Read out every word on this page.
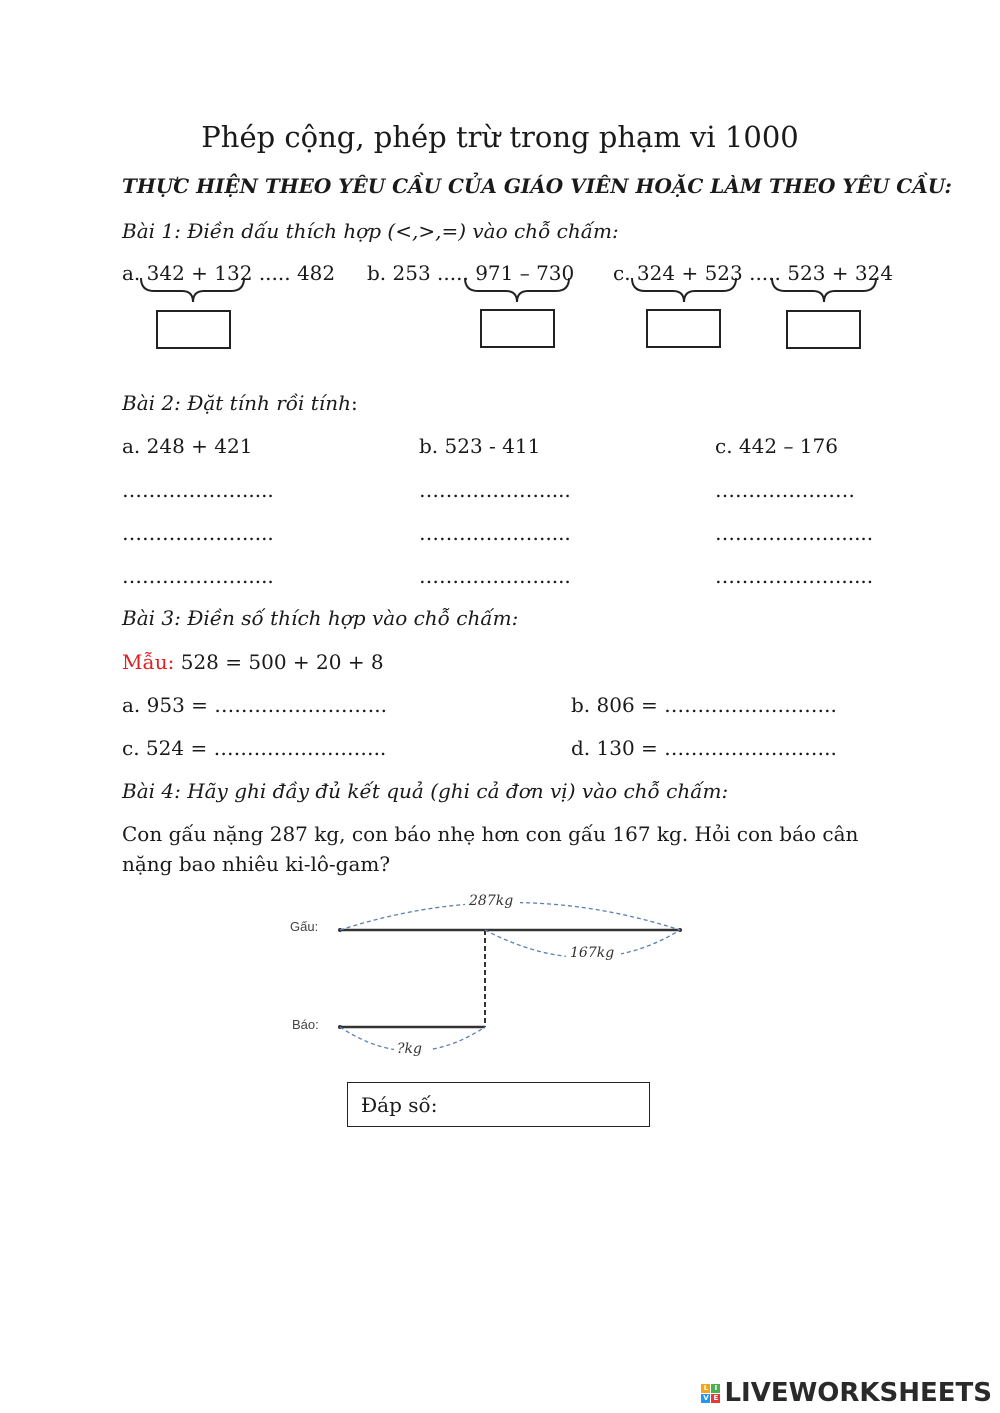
Phép cộng, phép trừ trong phạm vi 1000
THỰC HIỆN THEO YÊU CẦU CỦA GIÁO VIÊN HOẶC LÀM THEO YÊU CẦU:
Bài 1: Điền dấu thích hợp (<,>,=) vào chỗ chấm:
a. 342 + 132 ..... 482 b. 253 ..... 971 – 730 c. 324 + 523 ..... 523 + 324
Bài 2: Đặt tính rồi tính:
a. 248 + 421	b. 523 - 411	c. 442 – 176
……………….....	……………….....	…………………
……………….....	……………….....	………………......
……………….....	……………….....	………………......
Bài 3: Điền số thích hợp vào chỗ chấm:
Mẫu: 528 = 500 + 20 + 8
a. 953 = ……………………..	b. 806 = ……………………..
c. 524 = ……………………..	d. 130 = ……………………..
Bài 4: Hãy ghi đầy đủ kết quả (ghi cả đơn vị) vào chỗ chấm:
Con gấu nặng 287 kg, con báo nhẹ hơn con gấu 167 kg. Hỏi con báo cân
nặng bao nhiêu ki-lô-gam?
Gấu:
Báo:
287kg
167kg
?kg
Đáp số:
L I
V E LIVEWORKSHEETS
